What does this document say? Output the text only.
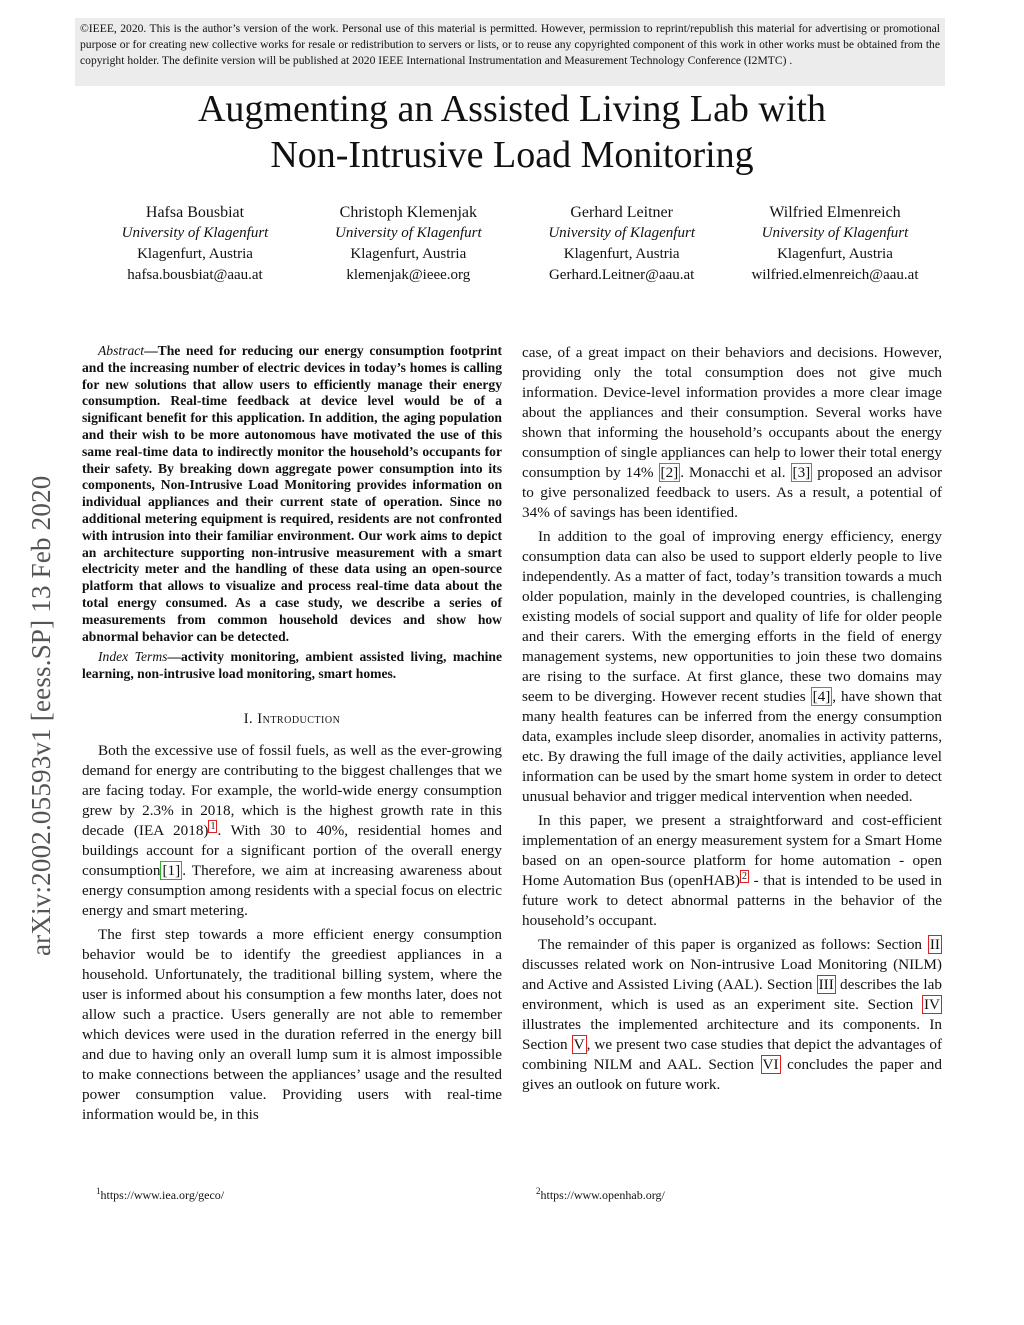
©IEEE, 2020. This is the author’s version of the work. Personal use of this material is permitted. However, permission to reprint/republish this material for advertising or promotional purpose or for creating new collective works for resale or redistribution to servers or lists, or to reuse any copyrighted component of this work in other works must be obtained from the copyright holder. The definite version will be published at 2020 IEEE International Instrumentation and Measurement Technology Conference (I2MTC) .
Augmenting an Assisted Living Lab with
Non-Intrusive Load Monitoring
Hafsa Bousbiat
University of Klagenfurt
Klagenfurt, Austria
hafsa.bousbiat@aau.at
Christoph Klemenjak
University of Klagenfurt
Klagenfurt, Austria
klemenjak@ieee.org
Gerhard Leitner
University of Klagenfurt
Klagenfurt, Austria
Gerhard.Leitner@aau.at
Wilfried Elmenreich
University of Klagenfurt
Klagenfurt, Austria
wilfried.elmenreich@aau.at
arXiv:2002.05593v1 [eess.SP] 13 Feb 2020

Abstract—The need for reducing our energy consumption footprint and the increasing number of electric devices in today’s homes is calling for new solutions that allow users to efficiently manage their energy consumption. Real-time feedback at device level would be of a significant benefit for this application. In addition, the aging population and their wish to be more autonomous have motivated the use of this same real-time data to indirectly monitor the household’s occupants for their safety. By breaking down aggregate power consumption into its components, Non-Intrusive Load Monitoring provides information on individual appliances and their current state of operation. Since no additional metering equipment is required, residents are not confronted with intrusion into their familiar environment. Our work aims to depict an architecture supporting non-intrusive measurement with a smart electricity meter and the handling of these data using an open-source platform that allows to visualize and process real-time data about the total energy consumed. As a case study, we describe a series of measurements from common household devices and show how abnormal behavior can be detected.

Index Terms—activity monitoring, ambient assisted living, machine learning, non-intrusive load monitoring, smart homes.

I. Introduction

Both the excessive use of fossil fuels, as well as the ever-growing demand for energy are contributing to the biggest challenges that we are facing today. For example, the world-wide energy consumption grew by 2.3% in 2018, which is the highest growth rate in this decade (IEA 2018) $^1$ . With 30 to 40%, residential homes and buildings account for a significant portion of the overall energy consumption [1] . Therefore, we aim at increasing awareness about energy consumption among residents with a special focus on electric energy and smart metering.

The first step towards a more efficient energy consumption behavior would be to identify the greediest appliances in a household. Unfortunately, the traditional billing system, where the user is informed about his consumption a few months later, does not allow such a practice. Users generally are not able to remember which devices were used in the duration referred in the energy bill and due to having only an overall lump sum it is almost impossible to make connections between the appliances’ usage and the resulted power consumption value. Providing users with real-time information would be, in this

case, of a great impact on their behaviors and decisions. However, providing only the total consumption does not give much information. Device-level information provides a more clear image about the appliances and their consumption. Several works have shown that informing the household’s occupants about the energy consumption of single appliances can help to lower their total energy consumption by 14% [2] . Monacchi et al. [3] proposed an advisor to give personalized feedback to users. As a result, a potential of 34% of savings has been identified.

In addition to the goal of improving energy efficiency, energy consumption data can also be used to support elderly people to live independently. As a matter of fact, today’s transition towards a much older population, mainly in the developed countries, is challenging existing models of social support and quality of life for older people and their carers. With the emerging efforts in the field of energy management systems, new opportunities to join these two domains are rising to the surface. At first glance, these two domains may seem to be diverging. However recent studies [4] , have shown that many health features can be inferred from the energy consumption data, examples include sleep disorder, anomalies in activity patterns, etc. By drawing the full image of the daily activities, appliance level information can be used by the smart home system in order to detect unusual behavior and trigger medical intervention when needed.

In this paper, we present a straightforward and cost-efficient implementation of an energy measurement system for a Smart Home based on an open-source platform for home automation - open Home Automation Bus (openHAB) $^2$ - that is intended to be used in future work to detect abnormal patterns in the behavior of the household’s occupant.

The remainder of this paper is organized as follows: Section II discusses related work on Non-intrusive Load Monitoring (NILM) and Active and Assisted Living (AAL). Section III describes the lab environment, which is used as an experiment site. Section IV illustrates the implemented architecture and its components. In Section V , we present two case studies that depict the advantages of combining NILM and AAL. Section VI concludes the paper and gives an outlook on future work.

$^1$https://www.iea.org/geco/	$^2$https://www.openhab.org/
